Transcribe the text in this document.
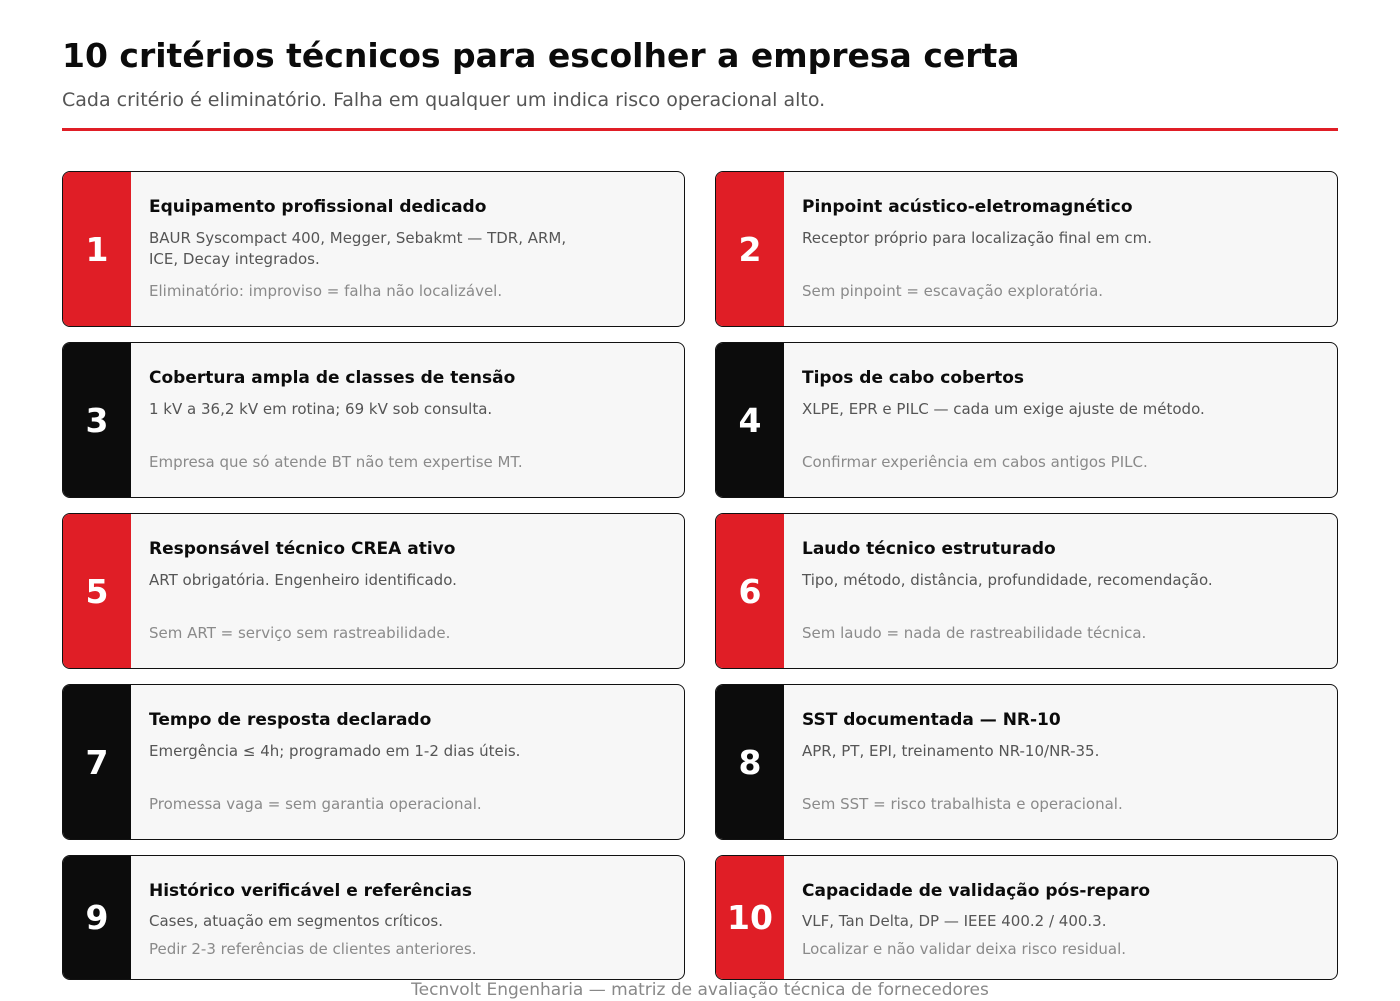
10 critérios técnicos para escolher a empresa certa

Cada critério é eliminatório. Falha em qualquer um indica risco operacional alto.

1
Equipamento profissional dedicado
BAUR Syscompact 400, Megger, Sebakmt — TDR, ARM, ICE, Decay integrados.
Eliminatório: improviso = falha não localizável.
2
Pinpoint acústico-eletromagnético
Receptor próprio para localização final em cm.
Sem pinpoint = escavação exploratória.
3
Cobertura ampla de classes de tensão
1 kV a 36,2 kV em rotina; 69 kV sob consulta.
Empresa que só atende BT não tem expertise MT.
4
Tipos de cabo cobertos
XLPE, EPR e PILC — cada um exige ajuste de método.
Confirmar experiência em cabos antigos PILC.
5
Responsável técnico CREA ativo
ART obrigatória. Engenheiro identificado.
Sem ART = serviço sem rastreabilidade.
6
Laudo técnico estruturado
Tipo, método, distância, profundidade, recomendação.
Sem laudo = nada de rastreabilidade técnica.
7
Tempo de resposta declarado
Emergência ≤ 4h; programado em 1-2 dias úteis.
Promessa vaga = sem garantia operacional.
8
SST documentada — NR-10
APR, PT, EPI, treinamento NR-10/NR-35.
Sem SST = risco trabalhista e operacional.
9
Histórico verificável e referências
Cases, atuação em segmentos críticos.
Pedir 2-3 referências de clientes anteriores.
10
Capacidade de validação pós-reparo
VLF, Tan Delta, DP — IEEE 400.2 / 400.3.
Localizar e não validar deixa risco residual.
Tecnvolt Engenharia — matriz de avaliação técnica de fornecedores
